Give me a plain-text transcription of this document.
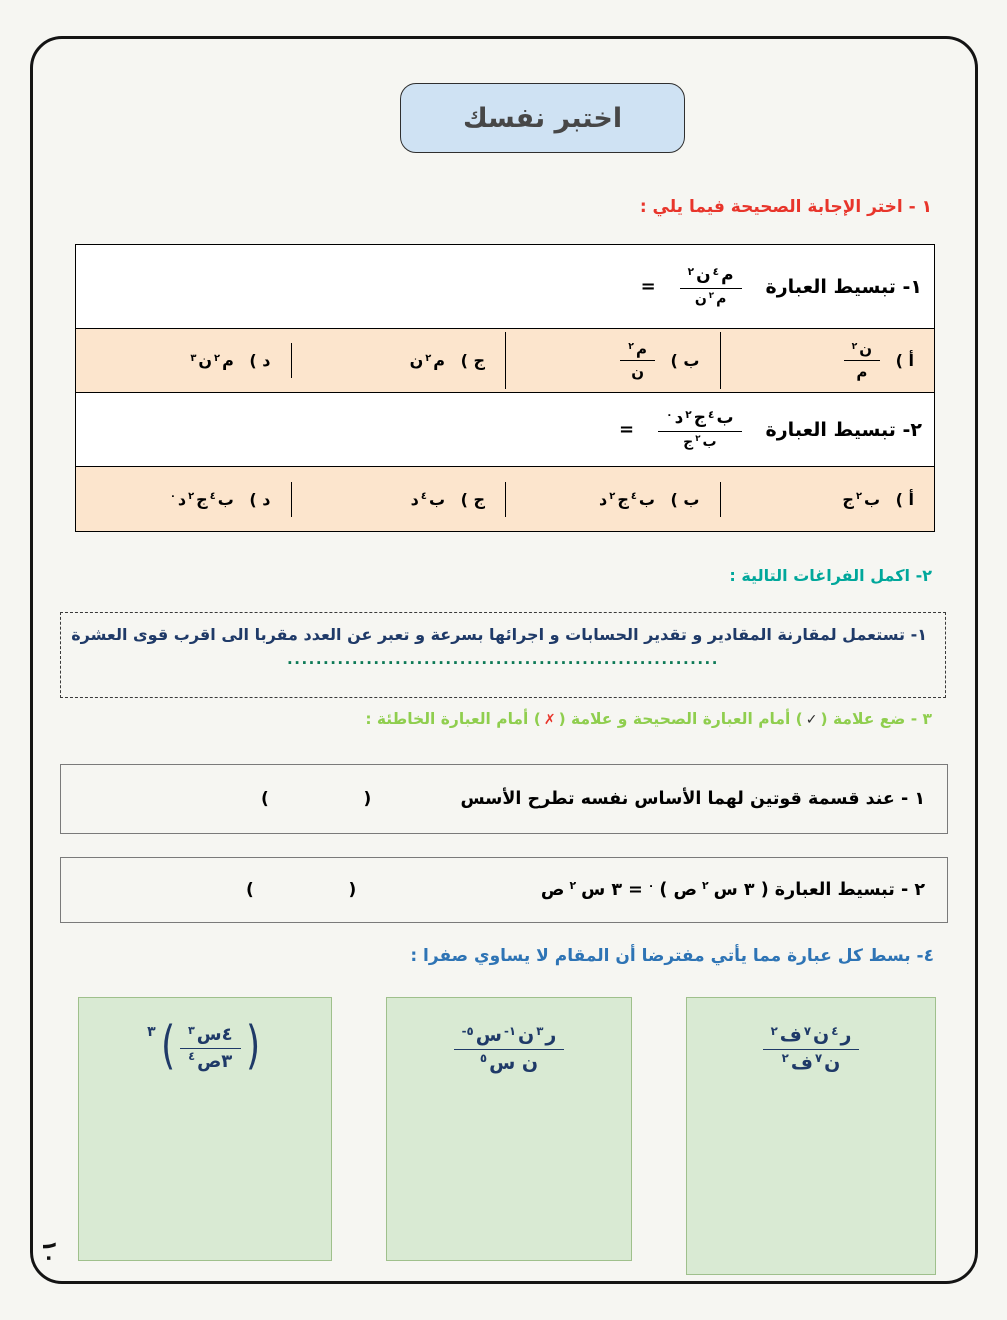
اختبر نفسك
١ - اختر الإجابة الصحيحة فيما يلي :
١- تبسيط العبارة
م
٤
ن
٢
م
٢
ن
=
أ )
ن
٢
م
ب )
م
٢
ن
ج )
م
٢
ن
د )
م
٢
ن
٣
٢- تبسيط العبارة
ب
٤
ج
٢
د
٠
ب
٢
ج
=
أ )
ب
٢
ج
ب )
ب
٤
ج
٢
د
ج )
ب
٤
د
د )
ب
٤
ج
٢
د
٠
٢- اكمل الفراغات التالية :
١- تستعمل لمقارنة المقادير و تقدير الحسابات و اجرائها بسرعة و تعبر عن العدد مقربا الى اقرب قوى العشرة
............................................................
٣ - ضع علامة (✓) أمام العبارة الصحيحة و علامة (✗) أمام العبارة الخاطئة :
١ - عند قسمة قوتين لهما الأساس نفسه تطرح الأسس
(                )
٢ - تبسيط العبارة ( ٣ س
٢
ص )
٠
= ٣ س
٢
ص
(                )
٤- بسط كل عبارة مما يأتي مفترضا أن المقام لا يساوي صفرا :
ر
٤
ن
٧
ف
٢
ن
٧
ف
٢
ر
٣
ن
-١
س
-٥
ن س
٥
٣ ( ٤س
٣
٣ص
٤ )
١٠
